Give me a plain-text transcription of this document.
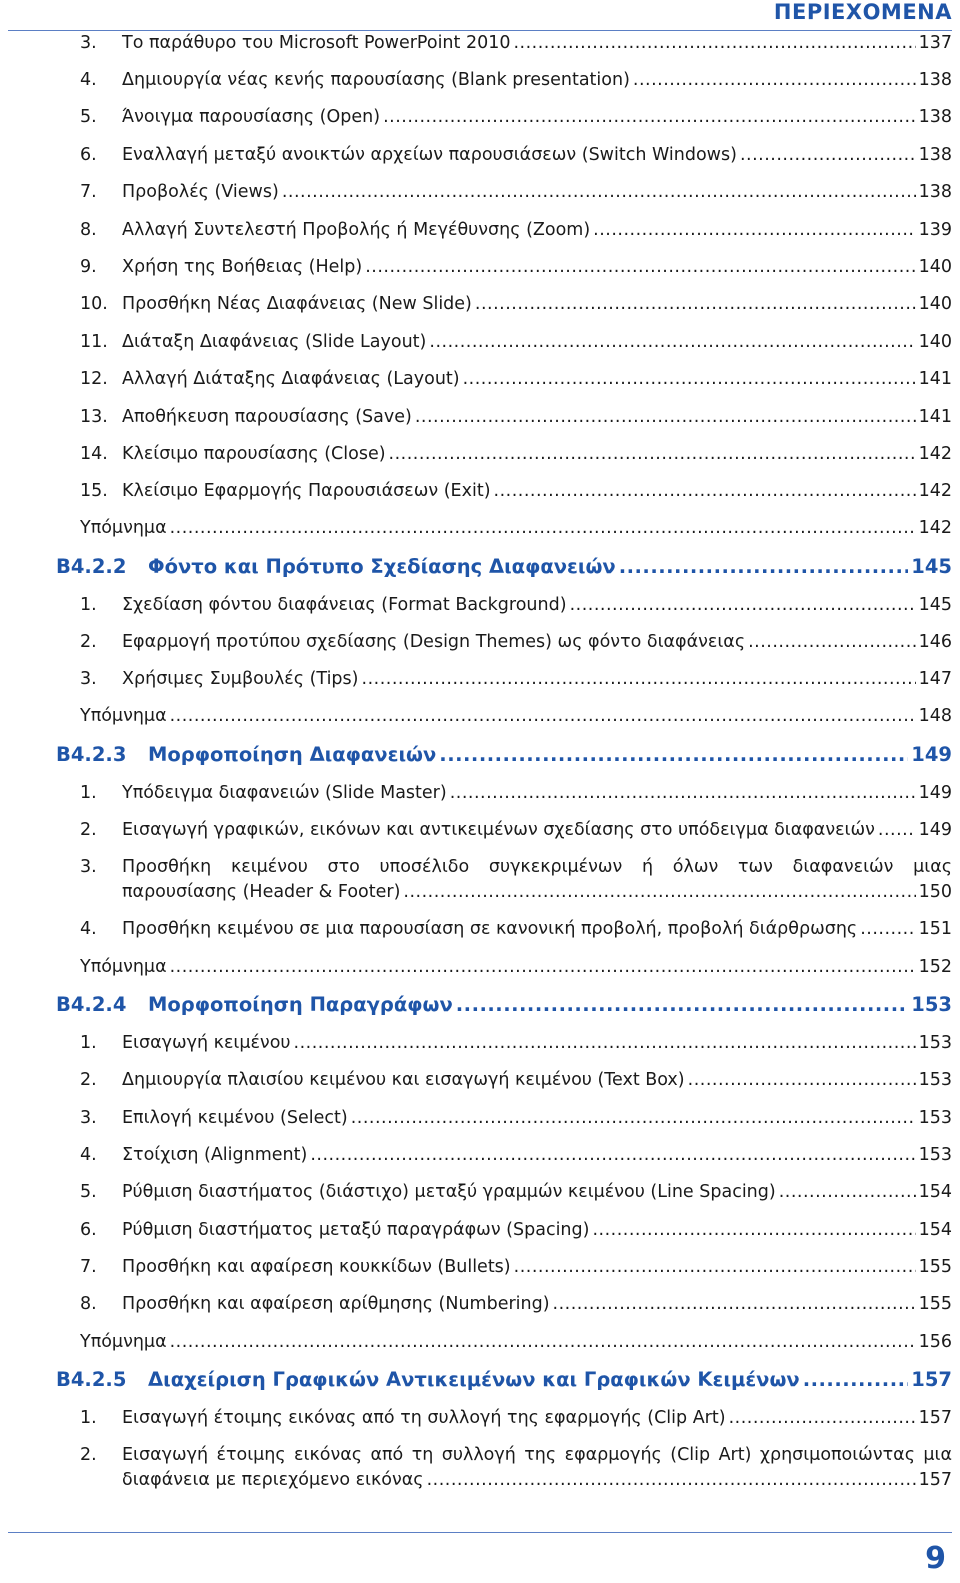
ΠΕΡΙΕΧΟΜΕΝΑ
3.	Το παράθυρο του Microsoft PowerPoint 2010 .....	137
4.	Δημιουργία νέας κενής παρουσίασης (Blank presentation) .....	138
5.	Άνοιγμα παρουσίασης (Open) .....	138
6.	Εναλλαγή μεταξύ ανοικτών αρχείων παρουσιάσεων (Switch Windows) .....	138
7.	Προβολές (Views) .....	138
8.	Αλλαγή Συντελεστή Προβολής ή Μεγέθυνσης (Zoom) .....	139
9.	Χρήση της Βοήθειας (Help) .....	140
10. Προσθήκη Νέας Διαφάνειας (New Slide) .....	140
11. Διάταξη Διαφάνειας (Slide Layout) .....	140
12. Αλλαγή Διάταξης Διαφάνειας (Layout) .....	141
13. Αποθήκευση παρουσίασης (Save) .....	141
14. Κλείσιμο παρουσίασης (Close) .....	142
15. Κλείσιμο Εφαρμογής Παρουσιάσεων (Exit) .....	142
Υπόμνημα .....	142
B4.2.2	Φόντο και Πρότυπο Σχεδίασης Διαφανειών .....	145
1.	Σχεδίαση φόντου διαφάνειας (Format Background) .....	145
2.	Εφαρμογή προτύπου σχεδίασης (Design Themes) ως φόντο διαφάνειας .....	146
3.	Χρήσιμες Συμβουλές (Tips) .....	147
Υπόμνημα .....	148
B4.2.3	Μορφοποίηση Διαφανειών .....	149
1.	Υπόδειγμα διαφανειών (Slide Master) .....	149
2.	Εισαγωγή γραφικών, εικόνων και αντικειμένων σχεδίασης στο υπόδειγμα διαφανειών ..... 149
3.	Προσθήκη κειμένου στο υποσέλιδο συγκεκριμένων ή όλων των διαφανειών μιας
παρουσίασης (Header & Footer) .....	150
4.	Προσθήκη κειμένου σε μια παρουσίαση σε κανονική προβολή, προβολή διάρθρωσης .....	151
Υπόμνημα .....	152
B4.2.4	Μορφοποίηση Παραγράφων .....	153
1.	Εισαγωγή κειμένου .....	153
2.	Δημιουργία πλαισίου κειμένου και εισαγωγή κειμένου (Text Box) .....	153
3.	Επιλογή κειμένου (Select) .....	153
4.	Στοίχιση (Alignment) .....	153
5.	Ρύθμιση διαστήματος (διάστιχο) μεταξύ γραμμών κειμένου (Line Spacing) .....	154
6.	Ρύθμιση διαστήματος μεταξύ παραγράφων (Spacing) .....	154
7.	Προσθήκη και αφαίρεση κουκκίδων (Bullets) .....	155
8.	Προσθήκη και αφαίρεση αρίθμησης (Numbering) .....	155
Υπόμνημα .....	156
B4.2.5	Διαχείριση Γραφικών Αντικειμένων και Γραφικών Κειμένων .....	157
1.	Εισαγωγή έτοιμης εικόνας από τη συλλογή της εφαρμογής (Clip Art) .....	157
2.	Εισαγωγή έτοιμης εικόνας από τη συλλογή της εφαρμογής (Clip Art) χρησιμοποιώντας μια
διαφάνεια με περιεχόμενο εικόνας .....	157
9
